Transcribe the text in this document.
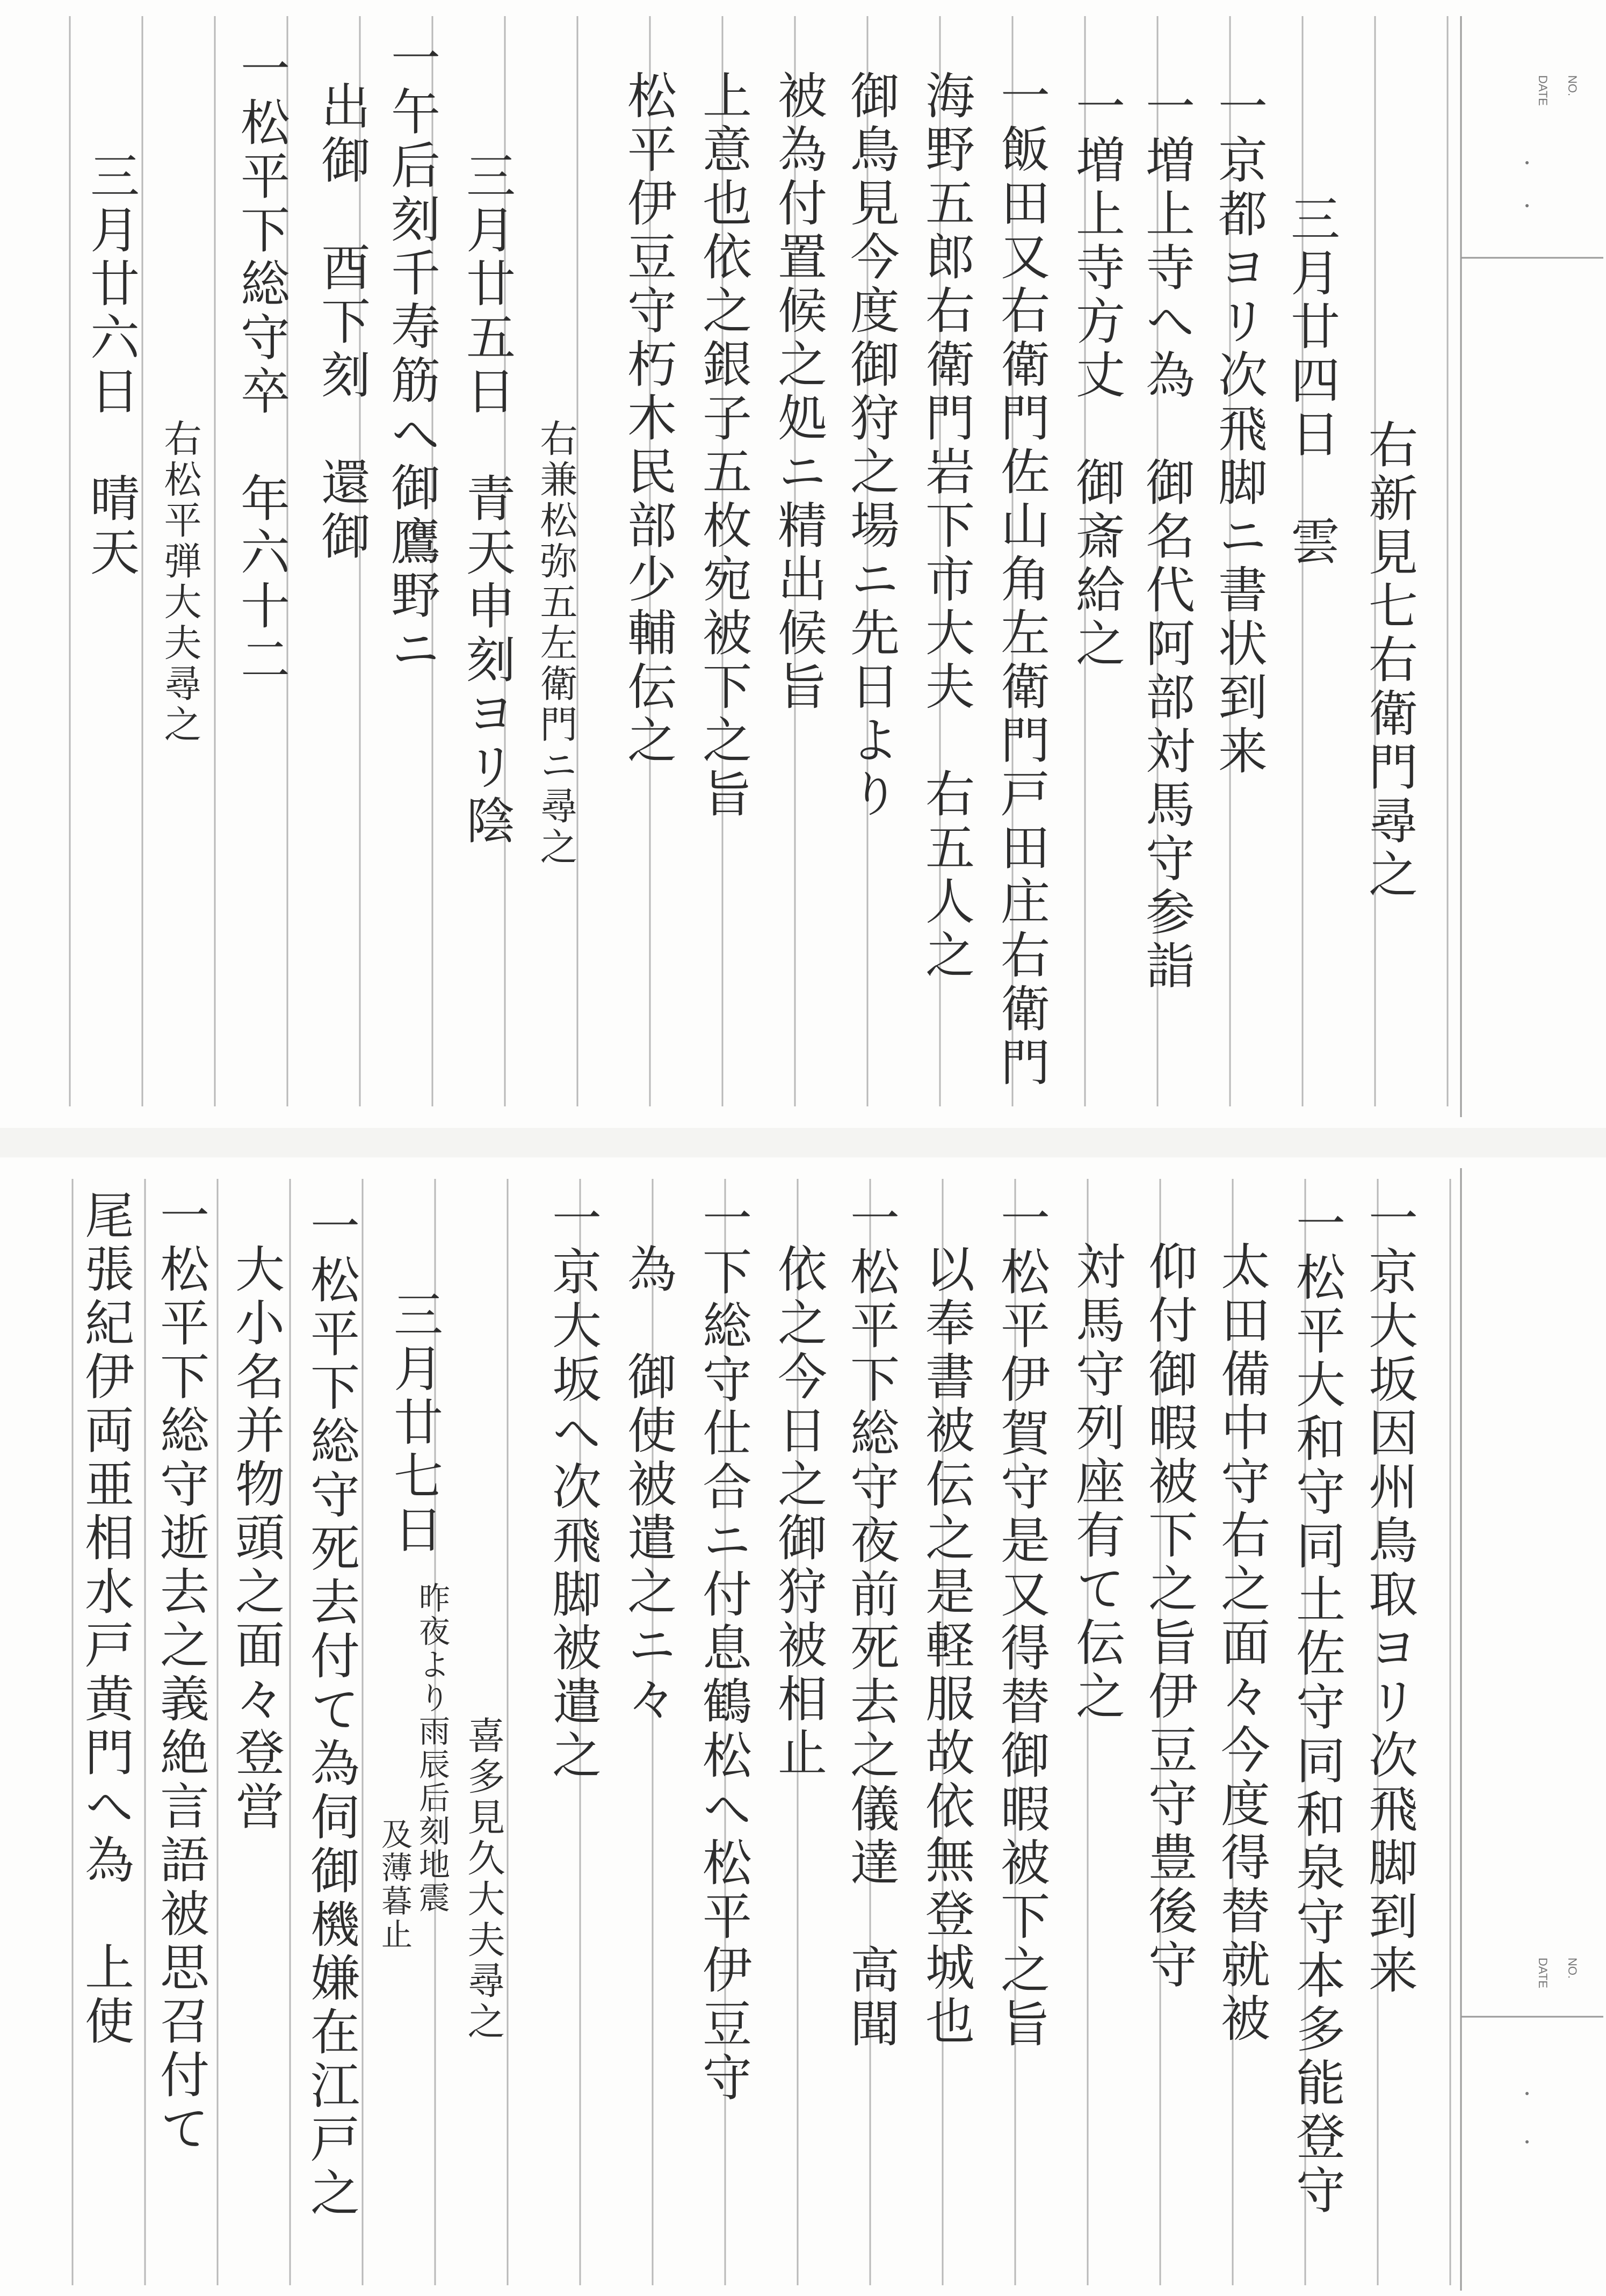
NO.
DATE
右新見七右衛門尋之
三月廿四日　雲
一京都ヨリ次飛脚ニ書状到来
一増上寺へ為　御名代阿部対馬守参詣
一増上寺方丈　御斎給之
一飯田又右衛門佐山角左衛門戸田庄右衛門
海野五郎右衛門岩下市大夫　右五人之
御鳥見今度御狩之場ニ先日より
被為付置候之処ニ精出候旨
上意也依之銀子五枚宛被下之旨
松平伊豆守朽木民部少輔伝之
右兼松弥五左衛門ニ尋之
三月廿五日　青天申刻ヨリ陰
一午后刻千寿筋へ御鷹野ニ
出御　酉下刻　還御
一松平下総守卒　年六十二
右松平弾大夫尋之
三月廿六日　晴天
NO.
DATE
一京大坂因州鳥取ヨリ次飛脚到来
一松平大和守同土佐守同和泉守本多能登守
太田備中守右之面々今度得替就被
仰付御暇被下之旨伊豆守豊後守
対馬守列座有て伝之
一松平伊賀守是又得替御暇被下之旨
以奉書被伝之是軽服故依無登城也
一松平下総守夜前死去之儀達　高聞
依之今日之御狩被相止
一下総守仕合ニ付息鶴松へ松平伊豆守
為　御使被遣之ニ々
一京大坂へ次飛脚被遣之
喜多見久大夫尋之
三月廿七日
昨夜より雨辰后刻地震
及薄暮止
一松平下総守死去付て為伺御機嫌在江戸之
大小名并物頭之面々登営
一松平下総守逝去之義絶言語被思召付て
尾張紀伊両亜相水戸黄門へ為　上使
